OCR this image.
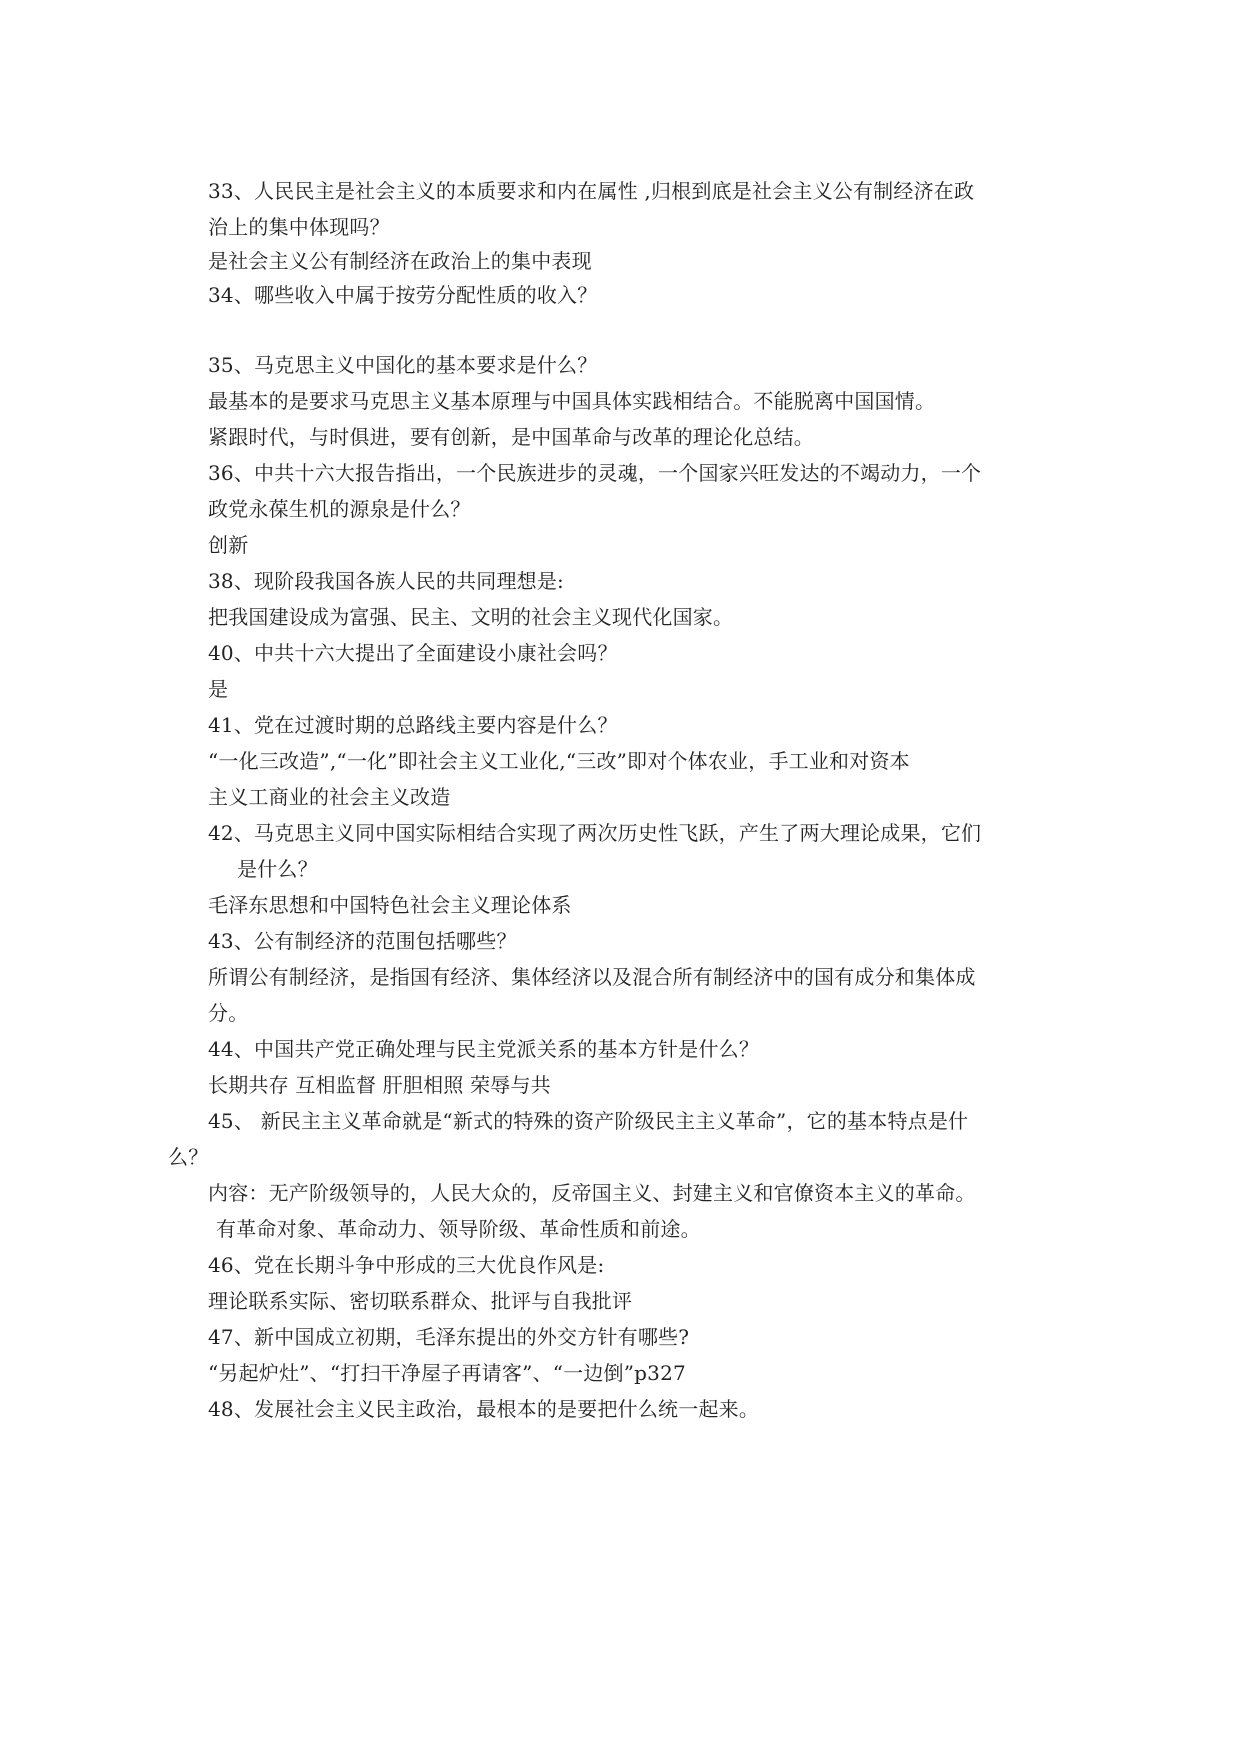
33、人民民主是社会主义的本质要求和内在属性 ,归根到底是社会主义公有制经济在政
治上的集中体现吗？
是社会主义公有制经济在政治上的集中表现
34、哪些收入中属于按劳分配性质的收入？
35、马克思主义中国化的基本要求是什么？
最基本的是要求马克思主义基本原理与中国具体实践相结合。不能脱离中国国情。
紧跟时代，与时俱进，要有创新，是中国革命与改革的理论化总结。
36、中共十六大报告指出，一个民族进步的灵魂，一个国家兴旺发达的不竭动力，一个
政党永葆生机的源泉是什么？
创新
38、现阶段我国各族人民的共同理想是:
把我国建设成为富强、民主、文明的社会主义现代化国家。
40、中共十六大提出了全面建设小康社会吗？
是
41、党在过渡时期的总路线主要内容是什么？
“一化三改造”,“一化”即社会主义工业化,“三改”即对个体农业，手工业和对资本
主义工商业的社会主义改造
42、马克思主义同中国实际相结合实现了两次历史性飞跃，产生了两大理论成果，它们
是什么？
毛泽东思想和中国特色社会主义理论体系
43、公有制经济的范围包括哪些？
所谓公有制经济，是指国有经济、集体经济以及混合所有制经济中的国有成分和集体成
分。
44、中国共产党正确处理与民主党派关系的基本方针是什么？
长期共存 互相监督 肝胆相照 荣辱与共
45、 新民主主义革命就是“新式的特殊的资产阶级民主主义革命”，它的基本特点是什
么？
内容：无产阶级领导的，人民大众的，反帝国主义、封建主义和官僚资本主义的革命。
有革命对象、革命动力、领导阶级、革命性质和前途。
46、党在长期斗争中形成的三大优良作风是:
理论联系实际、密切联系群众、批评与自我批评
47、新中国成立初期，毛泽东提出的外交方针有哪些?
“另起炉灶”、“打扫干净屋子再请客”、“一边倒”p327
48、发展社会主义民主政治，最根本的是要把什么统一起来。
